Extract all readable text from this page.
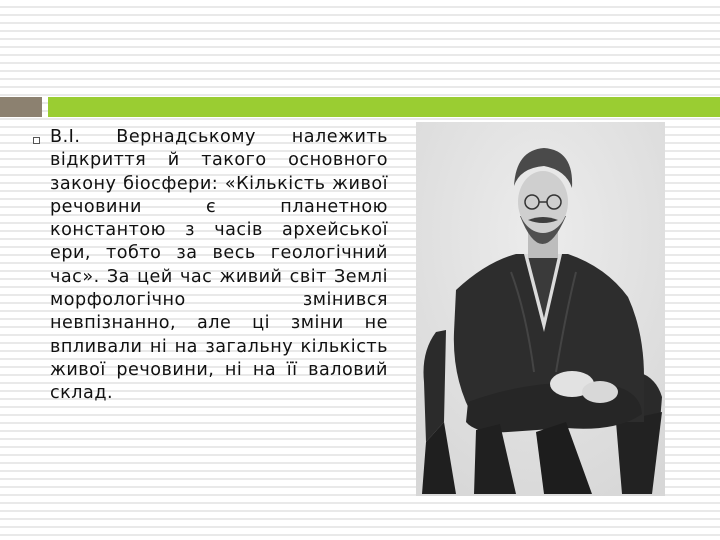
В.І. Вернадському належить відкриття й такого основного закону біосфери: «Кількість живої речовини є планетною константою з часів архейської ери, тобто за весь геологічний час». За цей час живий світ Землі морфологічно змінився невпізнанно, але ці зміни не впливали ні на загальну кількість живої речовини, ні на її валовий склад.
